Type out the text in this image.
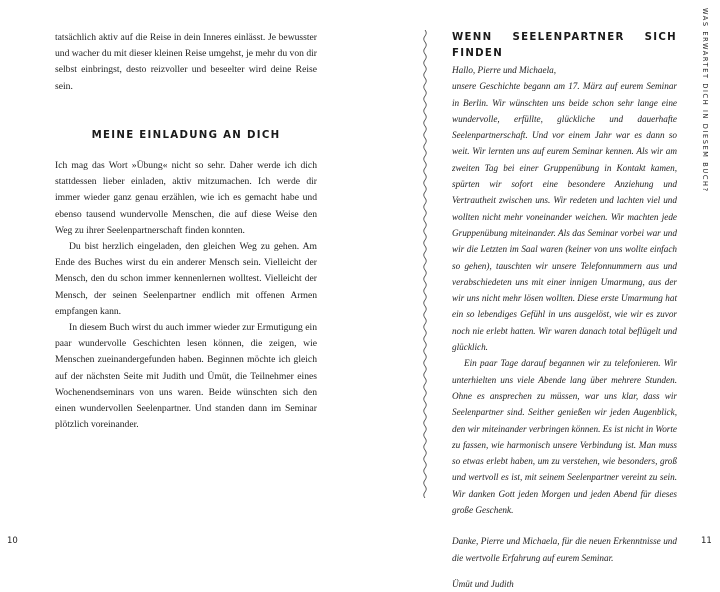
tatsächlich aktiv auf die Reise in dein Inneres einlässt. Je bewusster und wacher du mit dieser kleinen Reise umgehst, je mehr du von dir selbst einbringst, desto reizvoller und beseelter wird deine Reise sein.

MEINE EINLADUNG AN DICH

Ich mag das Wort »Übung« nicht so sehr. Daher werde ich dich stattdessen lieber einladen, aktiv mitzumachen. Ich werde dir immer wieder ganz genau erzählen, wie ich es gemacht habe und ebenso tausend wundervolle Menschen, die auf diese Weise den Weg zu ihrer Seelenpartnerschaft finden konnten.

Du bist herzlich eingeladen, den gleichen Weg zu gehen. Am Ende des Buches wirst du ein anderer Mensch sein. Vielleicht der Mensch, den du schon immer kennenlernen wolltest. Vielleicht der Mensch, der seinen Seelenpartner endlich mit offenen Armen empfangen kann.

In diesem Buch wirst du auch immer wieder zur Ermutigung ein paar wundervolle Geschichten lesen können, die zeigen, wie Menschen zueinandergefunden haben. Beginnen möchte ich gleich auf der nächsten Seite mit Judith und Ümüt, die Teilnehmer eines Wochenendseminars von uns waren. Beide wünschten sich den einen wundervollen Seelenpartner. Und standen dann im Seminar plötzlich voreinander.

10
WENN SEELENPARTNER SICH FINDEN

Hallo, Pierre und Michaela,

unsere Geschichte begann am 17. März auf eurem Seminar in Berlin. Wir wünschten uns beide schon sehr lange eine wundervolle, erfüllte, glückliche und dauerhafte Seelenpartnerschaft. Und vor einem Jahr war es dann so weit. Wir lernten uns auf eurem Seminar kennen. Als wir am zweiten Tag bei einer Gruppenübung in Kontakt kamen, spürten wir sofort eine besondere Anziehung und Vertrautheit zwischen uns. Wir redeten und lachten viel und wollten nicht mehr voneinander weichen. Wir machten jede Gruppenübung miteinander. Als das Seminar vorbei war und wir die Letzten im Saal waren (keiner von uns wollte einfach so gehen), tauschten wir unsere Telefonnummern aus und verabschiedeten uns mit einer innigen Umarmung, aus der wir uns nicht mehr lösen wollten. Diese erste Umarmung hat ein so lebendiges Gefühl in uns ausgelöst, wie wir es zuvor noch nie erlebt hatten. Wir waren danach total beflügelt und glücklich.

Ein paar Tage darauf begannen wir zu telefonieren. Wir unterhielten uns viele Abende lang über mehrere Stunden. Ohne es ansprechen zu müssen, war uns klar, dass wir Seelenpartner sind. Seither genießen wir jeden Augenblick, den wir miteinander verbringen können. Es ist nicht in Worte zu fassen, wie harmonisch unsere Verbindung ist. Man muss so etwas erlebt haben, um zu verstehen, wie besonders, groß und wertvoll es ist, mit seinem Seelenpartner vereint zu sein. Wir danken Gott jeden Morgen und jeden Abend für dieses große Geschenk.

Danke, Pierre und Michaela, für die neuen Erkenntnisse und die wertvolle Erfahrung auf eurem Seminar.

Ümüt und Judith

WAS ERWARTET DICH IN DIESEM BUCH?
11
